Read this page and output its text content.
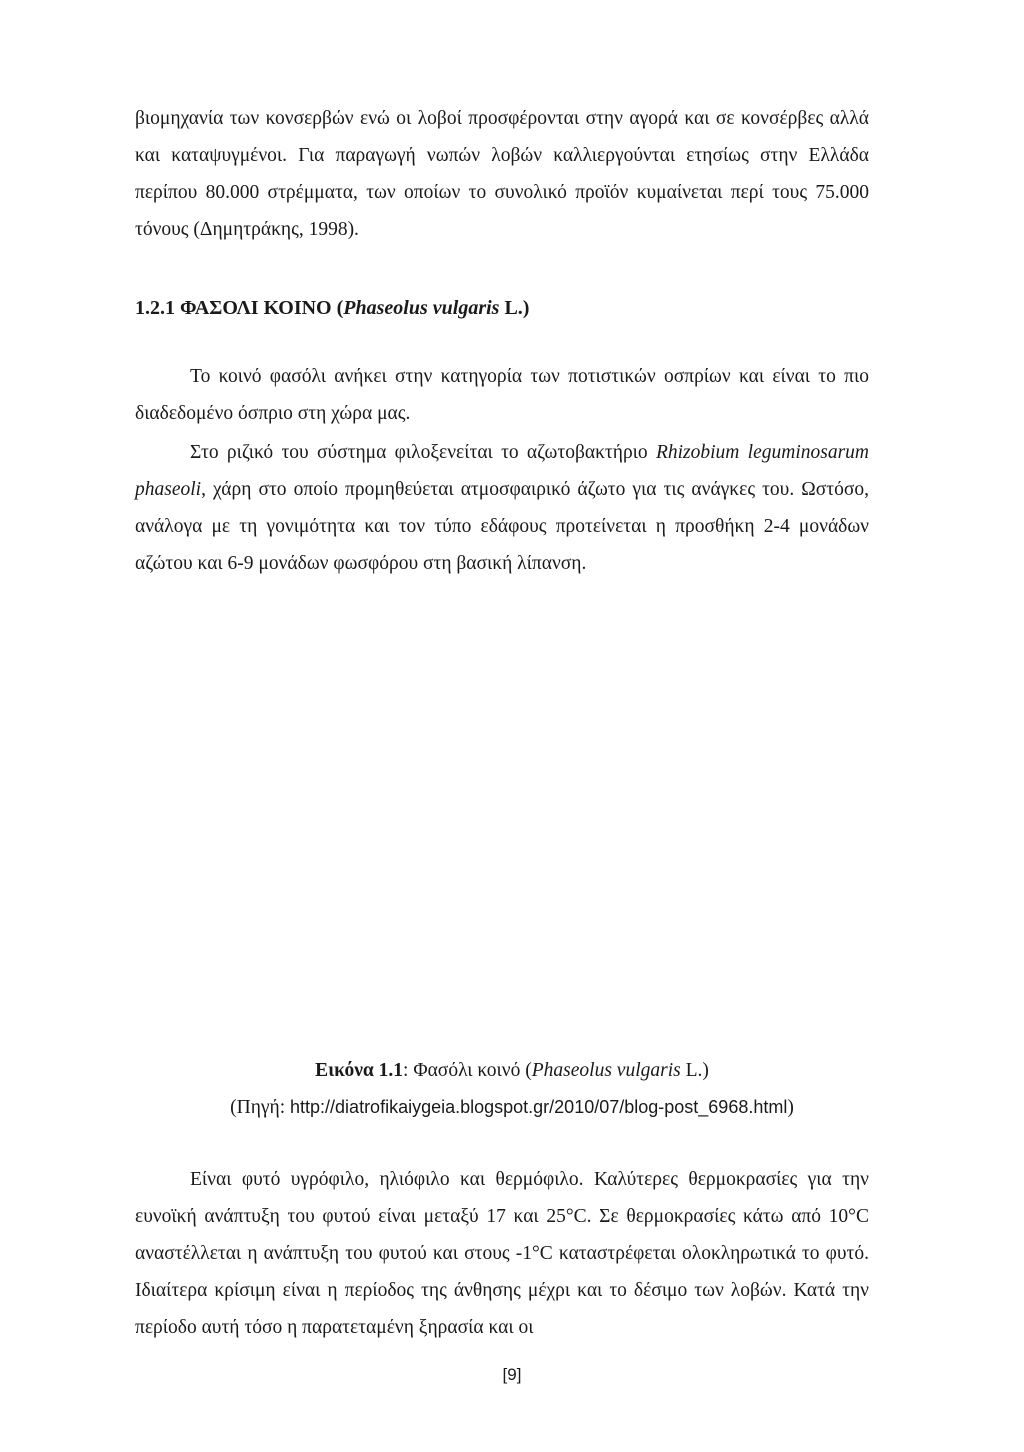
βιομηχανία των κονσερβών ενώ οι λοβοί προσφέρονται στην αγορά και σε κονσέρβες αλλά και καταψυγμένοι. Για παραγωγή νωπών λοβών καλλιεργούνται ετησίως στην Ελλάδα περίπου 80.000 στρέμματα, των οποίων το συνολικό προϊόν κυμαίνεται περί τους 75.000 τόνους (Δημητράκης, 1998).
1.2.1 ΦΑΣΟΛΙ ΚΟΙΝΟ (Phaseolus vulgaris L.)
Το κοινό φασόλι ανήκει στην κατηγορία των ποτιστικών οσπρίων και είναι το πιο διαδεδομένο όσπριο στη χώρα μας.
Στο ριζικό του σύστημα φιλοξενείται το αζωτοβακτήριο Rhizobium leguminosarum phaseoli, χάρη στο οποίο προμηθεύεται ατμοσφαιρικό άζωτο για τις ανάγκες του. Ωστόσο, ανάλογα με τη γονιμότητα και τον τύπο εδάφους προτείνεται η προσθήκη 2-4 μονάδων αζώτου και 6-9 μονάδων φωσφόρου στη βασική λίπανση.
Εικόνα 1.1: Φασόλι κοινό (Phaseolus vulgaris L.)
(Πηγή: http://diatrofikaiygeia.blogspot.gr/2010/07/blog-post_6968.html)
Είναι φυτό υγρόφιλο, ηλιόφιλο και θερμόφιλο. Καλύτερες θερμοκρασίες για την ευνοϊκή ανάπτυξη του φυτού είναι μεταξύ 17 και 25°C. Σε θερμοκρασίες κάτω από 10°C αναστέλλεται η ανάπτυξη του φυτού και στους -1°C καταστρέφεται ολοκληρωτικά το φυτό. Ιδιαίτερα κρίσιμη είναι η περίοδος της άνθησης μέχρι και το δέσιμο των λοβών. Κατά την περίοδο αυτή τόσο η παρατεταμένη ξηρασία και οι
[9]
